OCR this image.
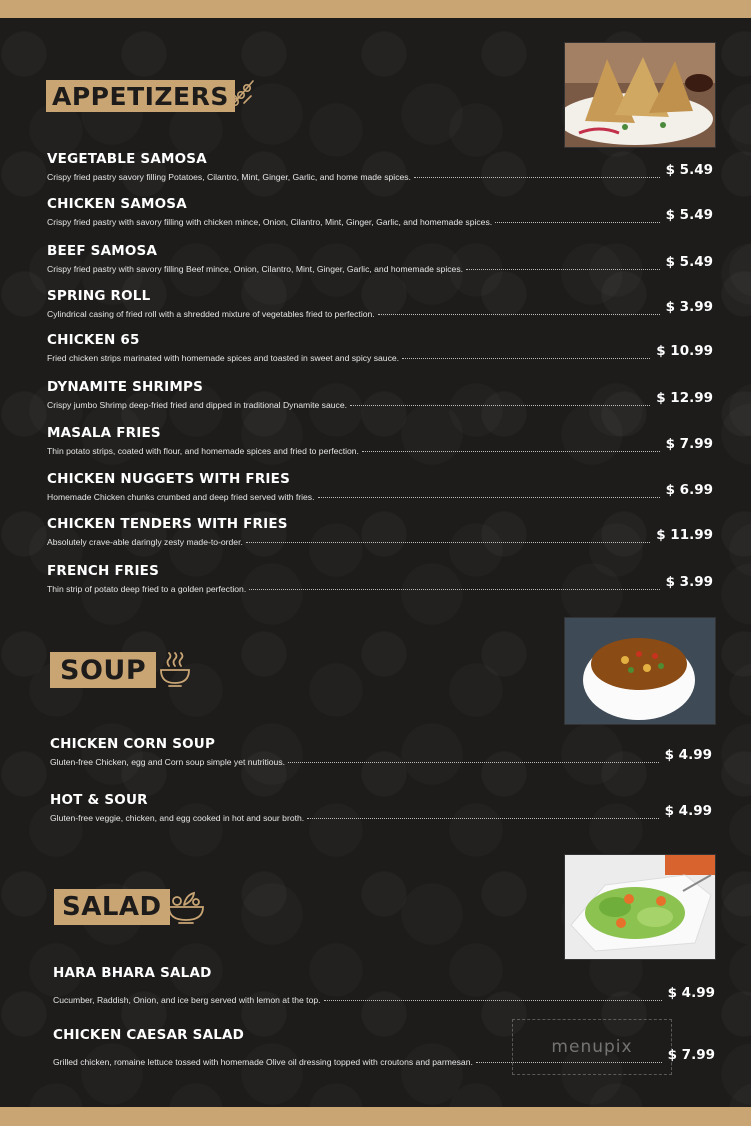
APPETIZERS
VEGETABLE SAMOSA
Crispy fried pastry savory filling Potatoes, Cilantro, Mint, Ginger, Garlic, and home made spices.	$ 5.49
CHICKEN SAMOSA
Crispy fried pastry with savory filling with chicken mince, Onion, Cilantro, Mint, Ginger, Garlic, and homemade spices.	$ 5.49
BEEF SAMOSA
Crispy fried pastry with savory filling Beef mince, Onion, Cilantro, Mint, Ginger, Garlic, and homemade spices.	$ 5.49
SPRING ROLL
Cylindrical casing of fried roll with a shredded mixture of vegetables fried to perfection.	$ 3.99
CHICKEN 65
Fried chicken strips marinated with homemade spices and toasted in sweet and spicy sauce.	$ 10.99
DYNAMITE SHRIMPS
Crispy jumbo Shrimp deep-fried fried and dipped in traditional Dynamite sauce.	$ 12.99
MASALA FRIES
Thin potato strips, coated with flour, and homemade spices and fried to perfection.	$ 7.99
CHICKEN NUGGETS WITH FRIES
Homemade Chicken chunks crumbed and deep fried served with fries.	$ 6.99
CHICKEN TENDERS WITH FRIES
Absolutely crave-able daringly zesty made-to-order.	$ 11.99
FRENCH FRIES
Thin strip of potato deep fried to a golden perfection.	$ 3.99
SOUP
CHICKEN CORN SOUP
Gluten-free Chicken, egg and Corn soup simple yet nutritious.	$ 4.99
HOT & SOUR
Gluten-free veggie, chicken, and egg cooked in hot and sour broth.	$ 4.99
SALAD
HARA BHARA SALAD
Cucumber, Raddish, Onion, and ice berg served with lemon at the top.	$ 4.99
CHICKEN CAESAR SALAD
Grilled chicken, romaine lettuce tossed with homemade Olive oil dressing topped with croutons and parmesan.	$ 7.99
menupix
